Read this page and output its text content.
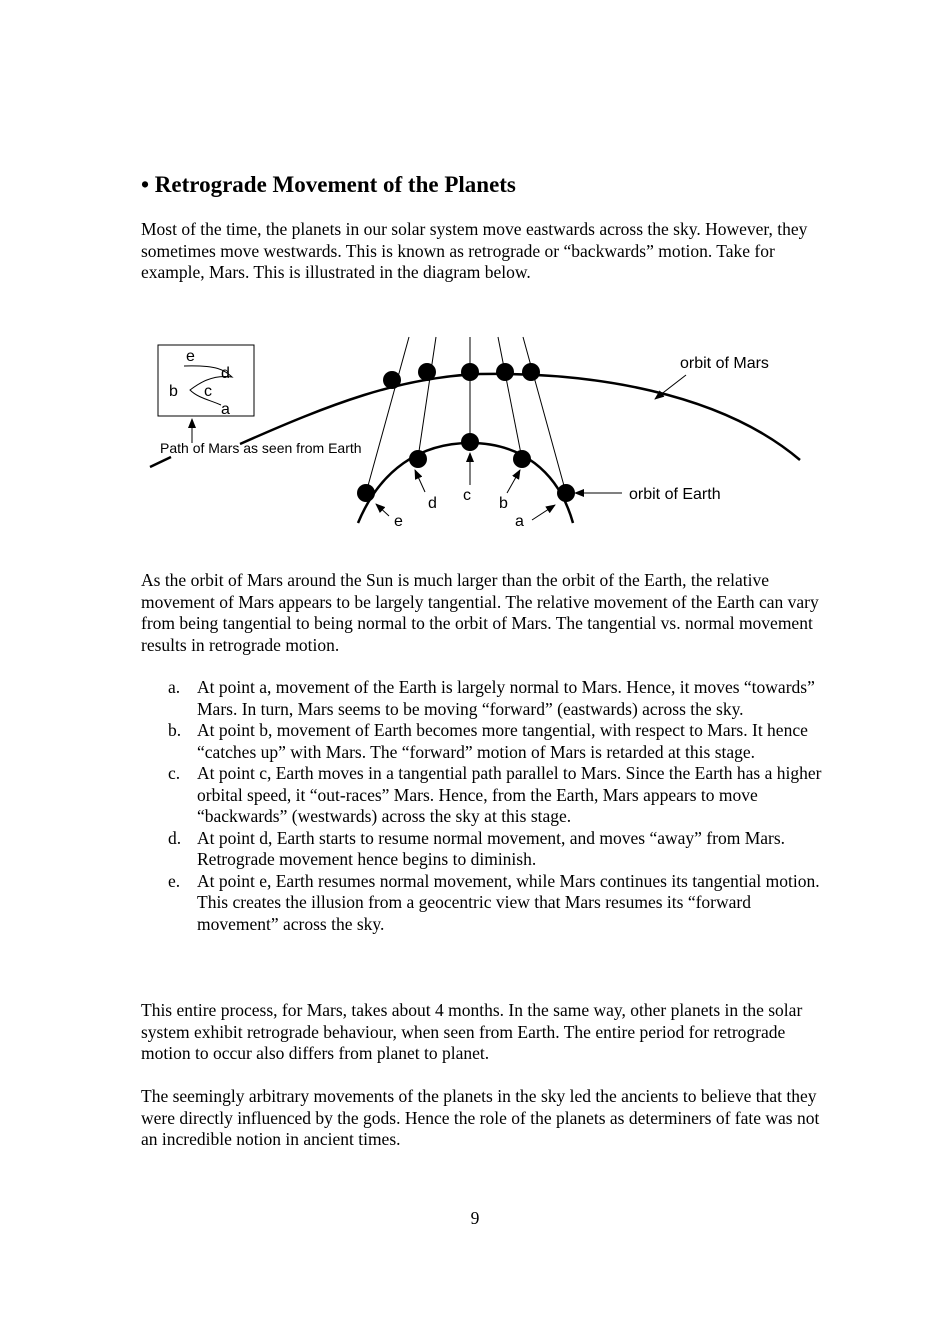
• Retrograde Movement of the Planets

Most of the time, the planets in our solar system move eastwards across the sky. However, they sometimes move westwards. This is known as retrograde or “backwards” motion. Take for example, Mars. This is illustrated in the diagram below.

e
d
b c
a
Path of Mars as seen from Earth
orbit of Mars
orbit of Earth
e
d c b
a

As the orbit of Mars around the Sun is much larger than the orbit of the Earth, the relative movement of Mars appears to be largely tangential. The relative movement of the Earth can vary from being tangential to being normal to the orbit of Mars. The tangential vs. normal movement results in retrograde motion.

a. At point a, movement of the Earth is largely normal to Mars. Hence, it moves “towards” Mars. In turn, Mars seems to be moving “forward” (eastwards) across the sky.
b. At point b, movement of Earth becomes more tangential, with respect to Mars. It hence “catches up” with Mars. The “forward” motion of Mars is retarded at this stage.
c. At point c, Earth moves in a tangential path parallel to Mars. Since the Earth has a higher orbital speed, it “out-races” Mars. Hence, from the Earth, Mars appears to move “backwards” (westwards) across the sky at this stage.
d. At point d, Earth starts to resume normal movement, and moves “away” from Mars. Retrograde movement hence begins to diminish.
e. At point e, Earth resumes normal movement, while Mars continues its tangential motion. This creates the illusion from a geocentric view that Mars resumes its “forward movement” across the sky.

This entire process, for Mars, takes about 4 months. In the same way, other planets in the solar system exhibit retrograde behaviour, when seen from Earth. The entire period for retrograde motion to occur also differs from planet to planet.

The seemingly arbitrary movements of the planets in the sky led the ancients to believe that they were directly influenced by the gods. Hence the role of the planets as determiners of fate was not an incredible notion in ancient times.

9
